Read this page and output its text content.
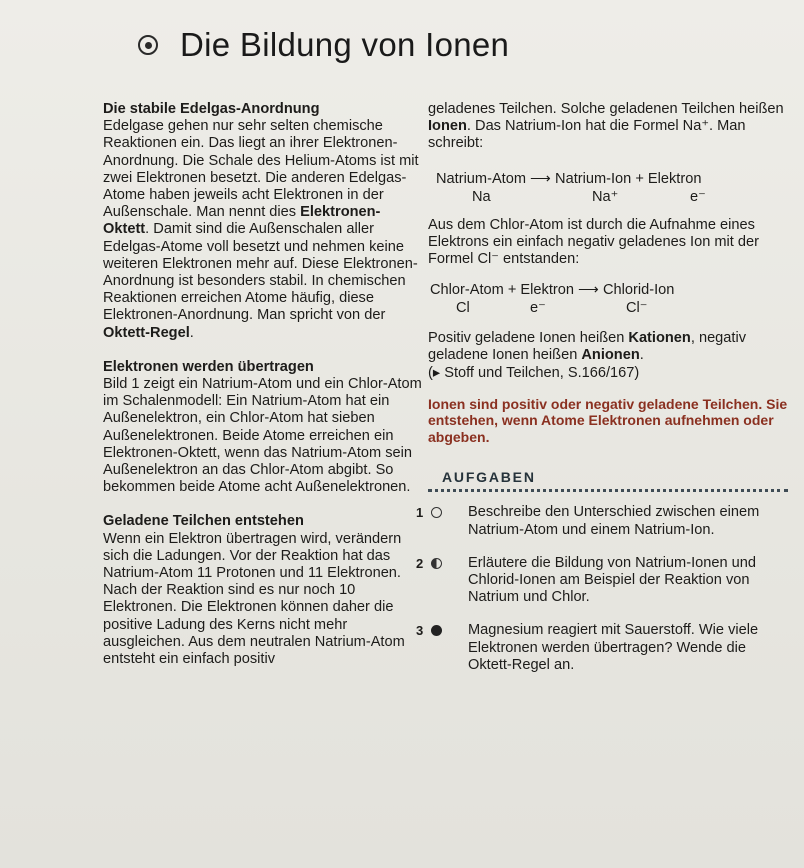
Die Bildung von Ionen
Die stabile Edelgas-Anordnung

Edelgase gehen nur sehr selten chemische Reaktionen ein. Das liegt an ihrer Elektronen-Anordnung. Die Schale des Helium-Atoms ist mit zwei Elektronen besetzt. Die anderen Edelgas-Atome haben jeweils acht Elektronen in der Außenschale. Man nennt dies Elektronen-Oktett. Damit sind die Außenschalen aller Edelgas-Atome voll besetzt und nehmen keine weiteren Elektronen mehr auf. Diese Elektronen-Anordnung ist besonders stabil. In chemischen Reaktionen erreichen Atome häufig, diese Elektronen-Anordnung. Man spricht von der Oktett-Regel.

Elektronen werden übertragen

Bild 1 zeigt ein Natrium-Atom und ein Chlor-Atom im Schalenmodell: Ein Natrium-Atom hat ein Außenelektron, ein Chlor-Atom hat sieben Außenelektronen. Beide Atome erreichen ein Elektronen-Oktett, wenn das Natrium-Atom sein Außenelektron an das Chlor-Atom abgibt. So bekommen beide Atome acht Außenelektronen.

Geladene Teilchen entstehen

Wenn ein Elektron übertragen wird, verändern sich die Ladungen. Vor der Reaktion hat das Natrium-Atom 11 Protonen und 11 Elektronen. Nach der Reaktion sind es nur noch 10 Elektronen. Die Elektronen können daher die positive Ladung des Kerns nicht mehr ausgleichen. Aus dem neutralen Natrium-Atom entsteht ein einfach positiv

geladenes Teilchen. Solche geladenen Teilchen heißen Ionen. Das Natrium-Ion hat die Formel Na⁺. Man schreibt:

Natrium-Atom ⟶ Natrium-Ion + Elektron
Na	Na⁺	e⁻

Aus dem Chlor-Atom ist durch die Aufnahme eines Elektrons ein einfach negativ geladenes Ion mit der Formel Cl⁻ entstanden:

Chlor-Atom + Elektron ⟶ Chlorid-Ion
Cl	e⁻	Cl⁻

Positiv geladene Ionen heißen Kationen, negativ geladene Ionen heißen Anionen.

(▸ Stoff und Teilchen, S.166/167)

Ionen sind positiv oder negativ geladene Teilchen. Sie entstehen, wenn Atome Elektronen aufnehmen oder abgeben.

AUFGABEN
1	Beschreibe den Unterschied zwischen einem Natrium-Atom und einem Natrium-Ion.
2	Erläutere die Bildung von Natrium-Ionen und Chlorid-Ionen am Beispiel der Reaktion von Natrium und Chlor.
3	Magnesium reagiert mit Sauerstoff. Wie viele Elektronen werden übertragen? Wende die Oktett-Regel an.
